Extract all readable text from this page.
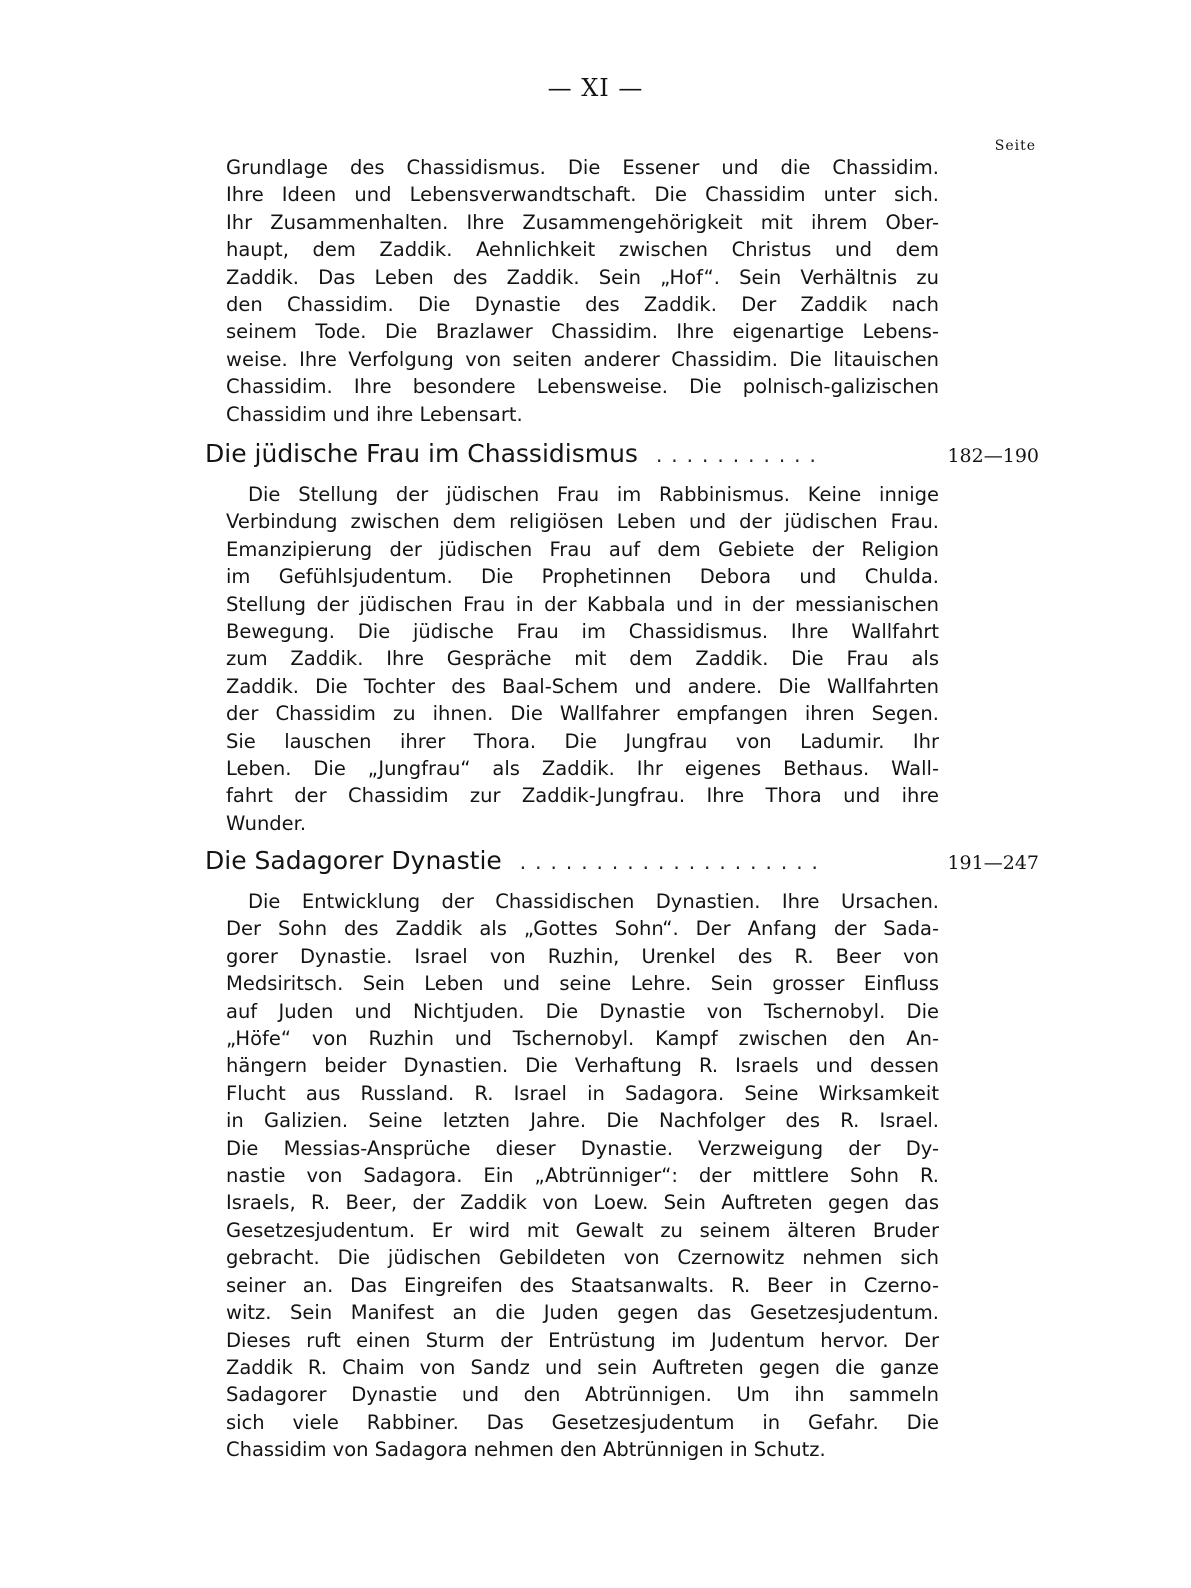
— XI —
Seite
Grundlage des Chassidismus. Die Essener und die Chassidim.
Ihre Ideen und Lebensverwandtschaft. Die Chassidim unter sich.
Ihr Zusammenhalten. Ihre Zusammengehörigkeit mit ihrem Ober-
haupt, dem Zaddik. Aehnlichkeit zwischen Christus und dem
Zaddik. Das Leben des Zaddik. Sein „Hof“. Sein Verhältnis zu
den Chassidim. Die Dynastie des Zaddik. Der Zaddik nach
seinem Tode. Die Brazlawer Chassidim. Ihre eigenartige Lebens-
weise. Ihre Verfolgung von seiten anderer Chassidim. Die litauischen
Chassidim. Ihre besondere Lebensweise. Die polnisch-galizischen
Chassidim und ihre Lebensart.
Die jüdische Frau im Chassidismus ...........	182—190
Die Stellung der jüdischen Frau im Rabbinismus. Keine innige
Verbindung zwischen dem religiösen Leben und der jüdischen Frau.
Emanzipierung der jüdischen Frau auf dem Gebiete der Religion
im Gefühlsjudentum. Die Prophetinnen Debora und Chulda.
Stellung der jüdischen Frau in der Kabbala und in der messianischen
Bewegung. Die jüdische Frau im Chassidismus. Ihre Wallfahrt
zum Zaddik. Ihre Gespräche mit dem Zaddik. Die Frau als
Zaddik. Die Tochter des Baal-Schem und andere. Die Wallfahrten
der Chassidim zu ihnen. Die Wallfahrer empfangen ihren Segen.
Sie lauschen ihrer Thora. Die Jungfrau von Ladumir. Ihr
Leben. Die „Jungfrau“ als Zaddik. Ihr eigenes Bethaus. Wall-
fahrt der Chassidim zur Zaddik-Jungfrau. Ihre Thora und ihre
Wunder.
Die Sadagorer Dynastie ....................	191—247
Die Entwicklung der Chassidischen Dynastien. Ihre Ursachen.
Der Sohn des Zaddik als „Gottes Sohn“. Der Anfang der Sada-
gorer Dynastie. Israel von Ruzhin, Urenkel des R. Beer von
Medsiritsch. Sein Leben und seine Lehre. Sein grosser Einfluss
auf Juden und Nichtjuden. Die Dynastie von Tschernobyl. Die
„Höfe“ von Ruzhin und Tschernobyl. Kampf zwischen den An-
hängern beider Dynastien. Die Verhaftung R. Israels und dessen
Flucht aus Russland. R. Israel in Sadagora. Seine Wirksamkeit
in Galizien. Seine letzten Jahre. Die Nachfolger des R. Israel.
Die Messias-Ansprüche dieser Dynastie. Verzweigung der Dy-
nastie von Sadagora. Ein „Abtrünniger“: der mittlere Sohn R.
Israels, R. Beer, der Zaddik von Loew. Sein Auftreten gegen das
Gesetzesjudentum. Er wird mit Gewalt zu seinem älteren Bruder
gebracht. Die jüdischen Gebildeten von Czernowitz nehmen sich
seiner an. Das Eingreifen des Staatsanwalts. R. Beer in Czerno-
witz. Sein Manifest an die Juden gegen das Gesetzesjudentum.
Dieses ruft einen Sturm der Entrüstung im Judentum hervor. Der
Zaddik R. Chaim von Sandz und sein Auftreten gegen die ganze
Sadagorer Dynastie und den Abtrünnigen. Um ihn sammeln
sich viele Rabbiner. Das Gesetzesjudentum in Gefahr. Die
Chassidim von Sadagora nehmen den Abtrünnigen in Schutz.
